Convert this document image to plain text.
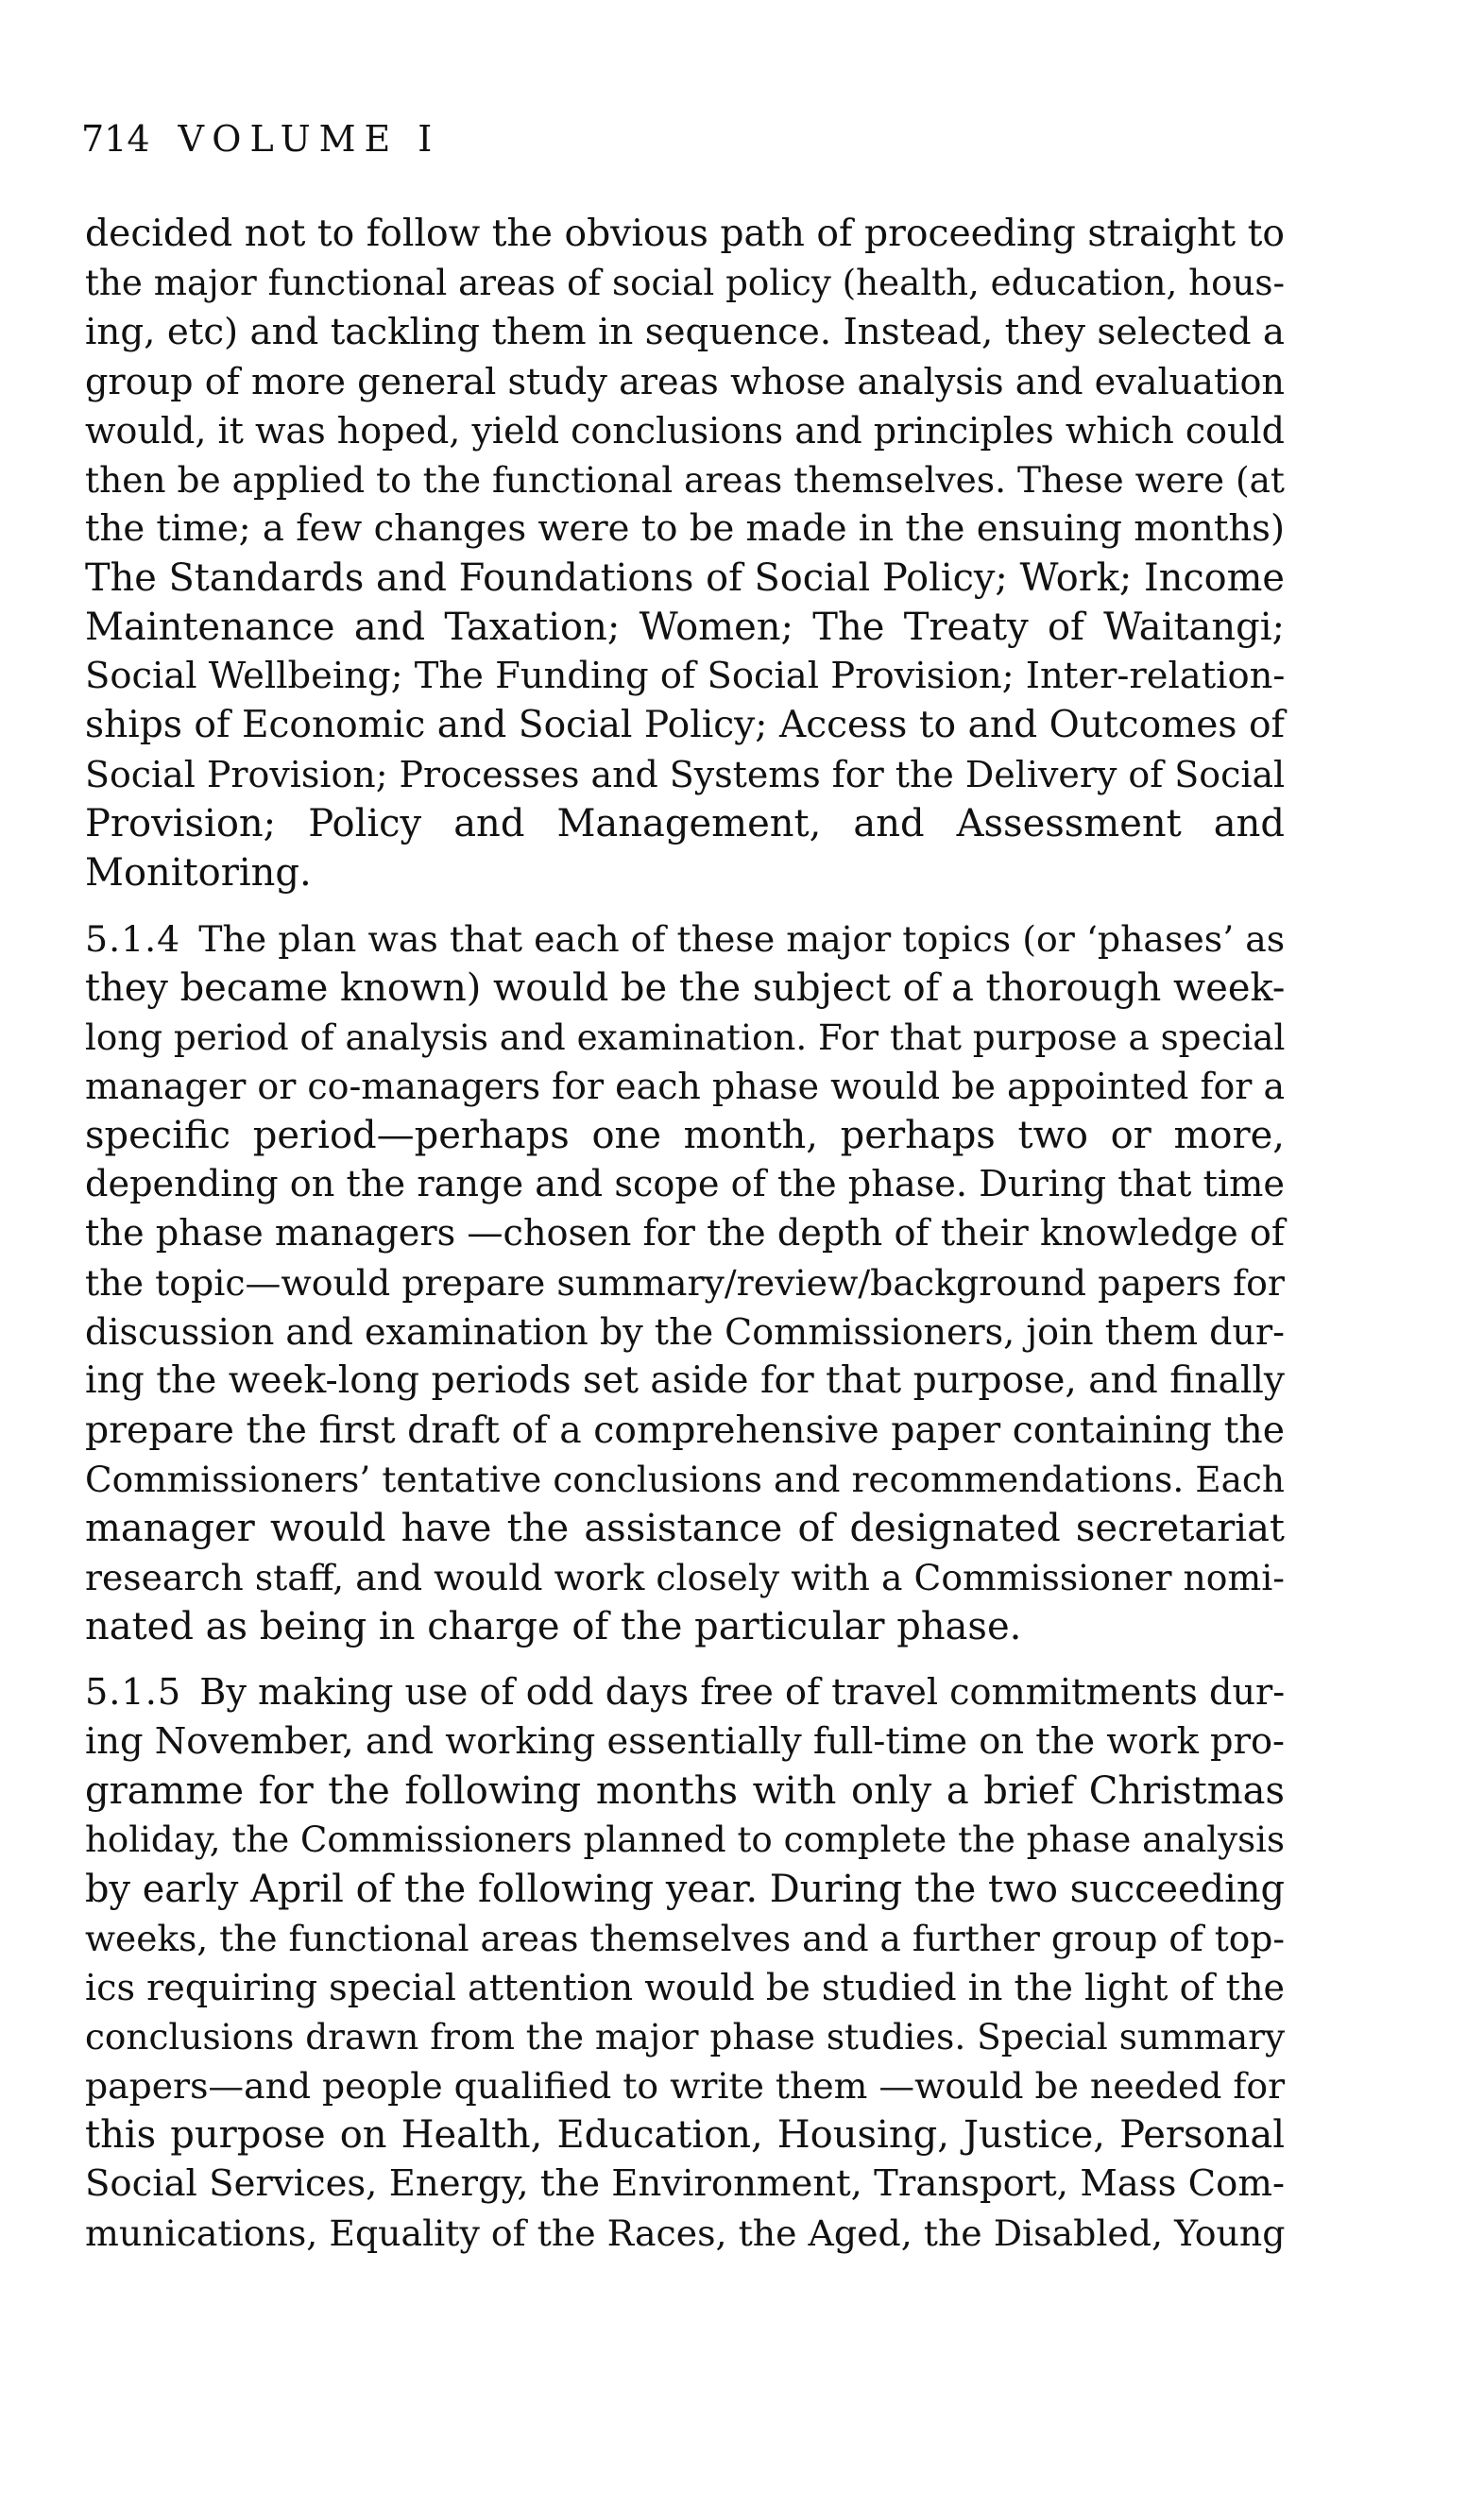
714 VOLUME I
decided not to follow the obvious path of proceeding straight to
the major functional areas of social policy (health, education, hous-
ing, etc) and tackling them in sequence. Instead, they selected a
group of more general study areas whose analysis and evaluation
would, it was hoped, yield conclusions and principles which could
then be applied to the functional areas themselves. These were (at
the time; a few changes were to be made in the ensuing months)
The Standards and Foundations of Social Policy; Work; Income
Maintenance and Taxation; Women; The Treaty of Waitangi;
Social Wellbeing; The Funding of Social Provision; Inter-relation-
ships of Economic and Social Policy; Access to and Outcomes of
Social Provision; Processes and Systems for the Delivery of Social
Provision; Policy and Management, and Assessment and
Monitoring.
5.1.4  The plan was that each of these major topics (or ‘phases’ as
they became known) would be the subject of a thorough week-
long period of analysis and examination. For that purpose a special
manager or co-managers for each phase would be appointed for a
specific period—perhaps one month, perhaps two or more,
depending on the range and scope of the phase. During that time
the phase managers —chosen for the depth of their knowledge of
the topic—would prepare summary/review/background papers for
discussion and examination by the Commissioners, join them dur-
ing the week-long periods set aside for that purpose, and finally
prepare the first draft of a comprehensive paper containing the
Commissioners’ tentative conclusions and recommendations. Each
manager would have the assistance of designated secretariat
research staff, and would work closely with a Commissioner nomi-
nated as being in charge of the particular phase.
5.1.5  By making use of odd days free of travel commitments dur-
ing November, and working essentially full-time on the work pro-
gramme for the following months with only a brief Christmas
holiday, the Commissioners planned to complete the phase analysis
by early April of the following year. During the two succeeding
weeks, the functional areas themselves and a further group of top-
ics requiring special attention would be studied in the light of the
conclusions drawn from the major phase studies. Special summary
papers—and people qualified to write them —would be needed for
this purpose on Health, Education, Housing, Justice, Personal
Social Services, Energy, the Environment, Transport, Mass Com-
munications, Equality of the Races, the Aged, the Disabled, Young
